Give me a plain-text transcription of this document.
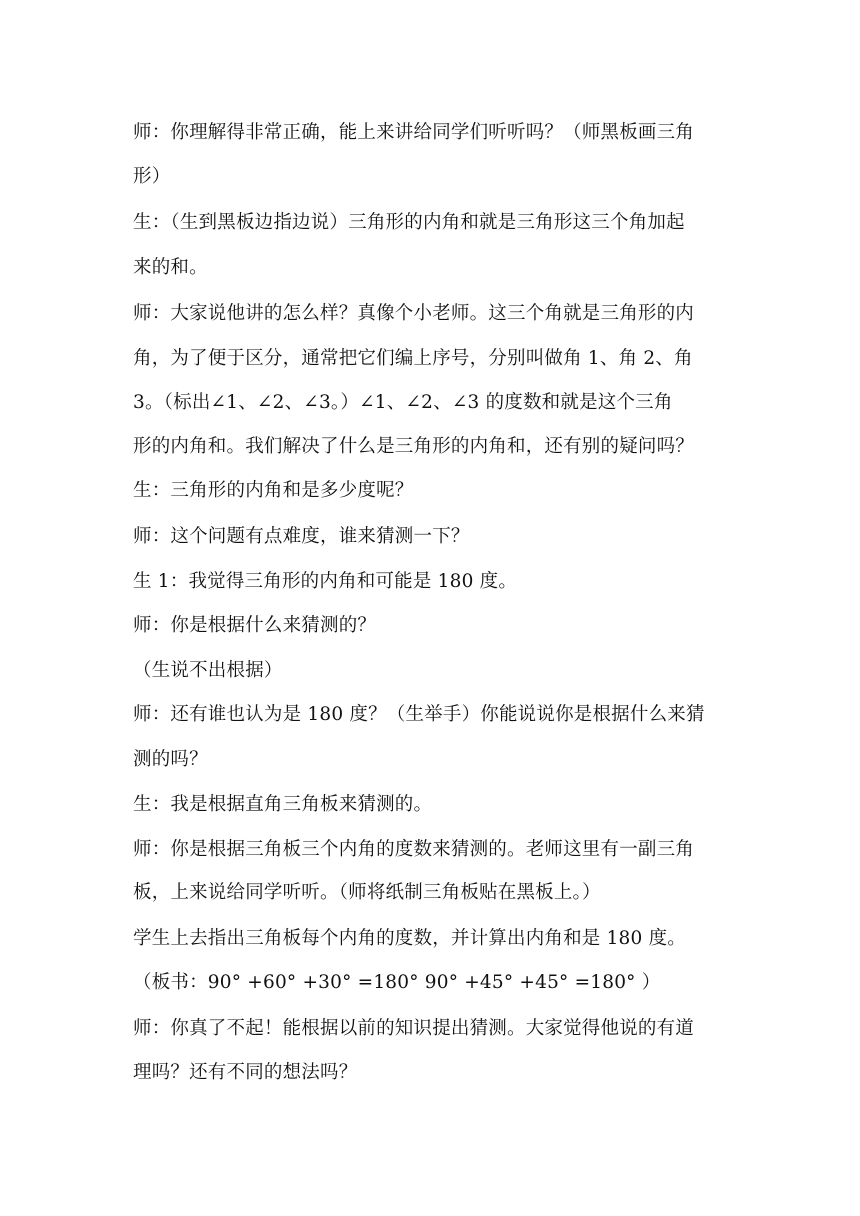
师：你理解得非常正确，能上来讲给同学们听听吗？（师黑板画三角
形）
生：（生到黑板边指边说）三角形的内角和就是三角形这三个角加起
来的和。
师：大家说他讲的怎么样？真像个小老师。这三个角就是三角形的内
角，为了便于区分，通常把它们编上序号，分别叫做角 1、角 2、角
3。（标出∠1、∠2、∠3。）∠1、∠2、∠3 的度数和就是这个三角
形的内角和。我们解决了什么是三角形的内角和，还有别的疑问吗？
生：三角形的内角和是多少度呢？
师：这个问题有点难度，谁来猜测一下？
生 1：我觉得三角形的内角和可能是 180 度。
师：你是根据什么来猜测的？
（生说不出根据）
师：还有谁也认为是 180 度？（生举手）你能说说你是根据什么来猜
测的吗？
生：我是根据直角三角板来猜测的。
师：你是根据三角板三个内角的度数来猜测的。老师这里有一副三角
板，上来说给同学听听。（师将纸制三角板贴在黑板上。）
学生上去指出三角板每个内角的度数，并计算出内角和是 180 度。
（板书：90° +60° +30° =180° 90° +45° +45° =180° ）
师：你真了不起！能根据以前的知识提出猜测。大家觉得他说的有道
理吗？还有不同的想法吗？
